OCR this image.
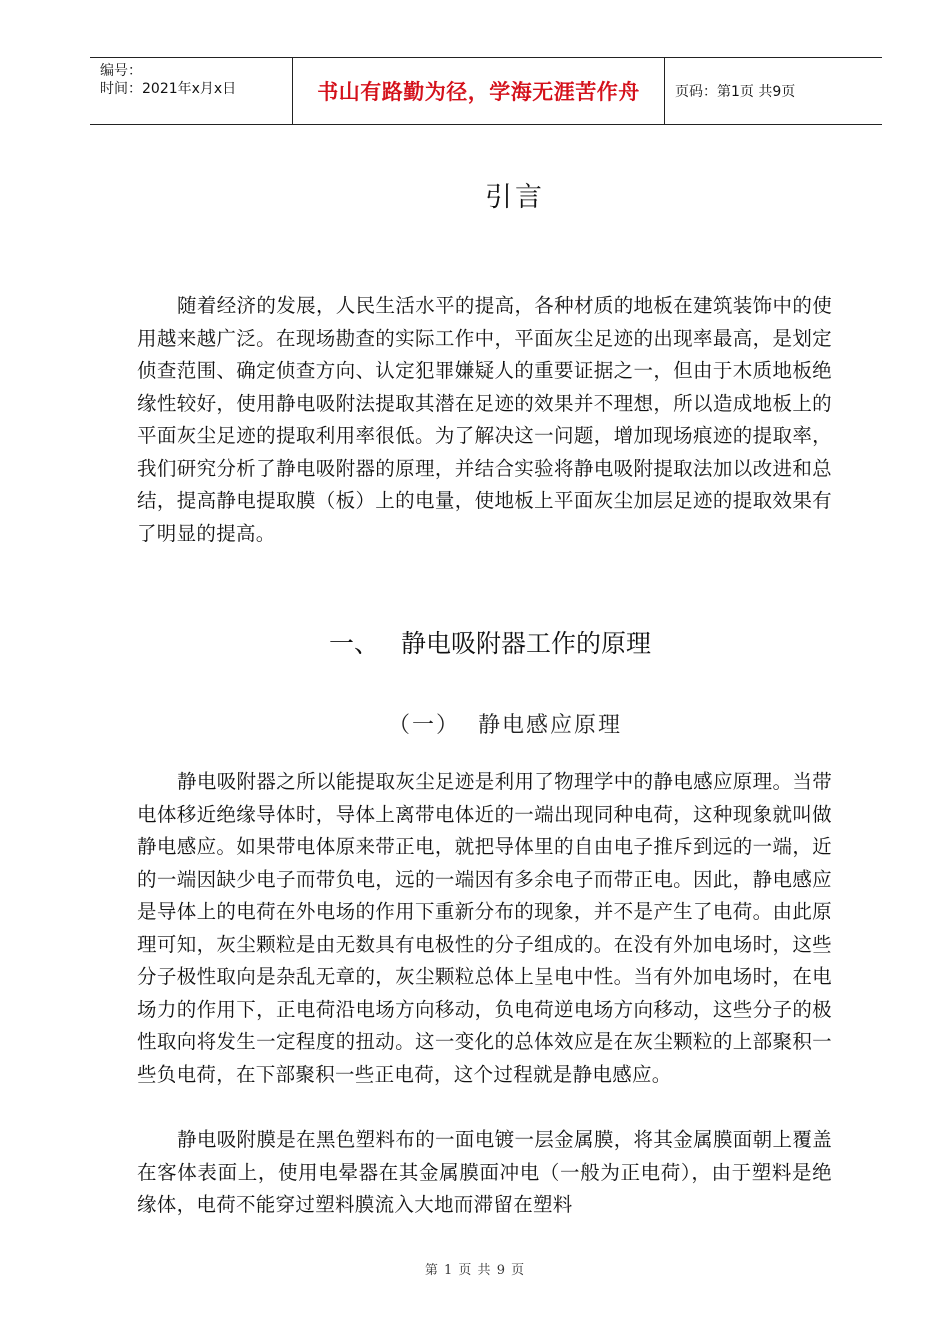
编号：
时间：2021年x月x日	书山有路勤为径，学海无涯苦作舟	页码：第1页 共9页
引言

随着经济的发展，人民生活水平的提高，各种材质的地板在建筑装饰中的使用越来越广泛。在现场勘查的实际工作中，平面灰尘足迹的出现率最高，是划定侦查范围、确定侦查方向、认定犯罪嫌疑人的重要证据之一，但由于木质地板绝缘性较好，使用静电吸附法提取其潜在足迹的效果并不理想，所以造成地板上的平面灰尘足迹的提取利用率很低。为了解决这一问题，增加现场痕迹的提取率，我们研究分析了静电吸附器的原理，并结合实验将静电吸附提取法加以改进和总结，提高静电提取膜（板）上的电量，使地板上平面灰尘加层足迹的提取效果有了明显的提高。

一、 静电吸附器工作的原理
（一） 静电感应原理

静电吸附器之所以能提取灰尘足迹是利用了物理学中的静电感应原理。当带电体移近绝缘导体时，导体上离带电体近的一端出现同种电荷，这种现象就叫做静电感应。如果带电体原来带正电，就把导体里的自由电子推斥到远的一端，近的一端因缺少电子而带负电，远的一端因有多余电子而带正电。因此，静电感应是导体上的电荷在外电场的作用下重新分布的现象，并不是产生了电荷。由此原理可知，灰尘颗粒是由无数具有电极性的分子组成的。在没有外加电场时，这些分子极性取向是杂乱无章的，灰尘颗粒总体上呈电中性。当有外加电场时，在电场力的作用下，正电荷沿电场方向移动，负电荷逆电场方向移动，这些分子的极性取向将发生一定程度的扭动。这一变化的总体效应是在灰尘颗粒的上部聚积一些负电荷，在下部聚积一些正电荷，这个过程就是静电感应。

静电吸附膜是在黑色塑料布的一面电镀一层金属膜，将其金属膜面朝上覆盖在客体表面上，使用电晕器在其金属膜面冲电（一般为正电荷），由于塑料是绝缘体，电荷不能穿过塑料膜流入大地而滞留在塑料

第 1 页 共 9 页
